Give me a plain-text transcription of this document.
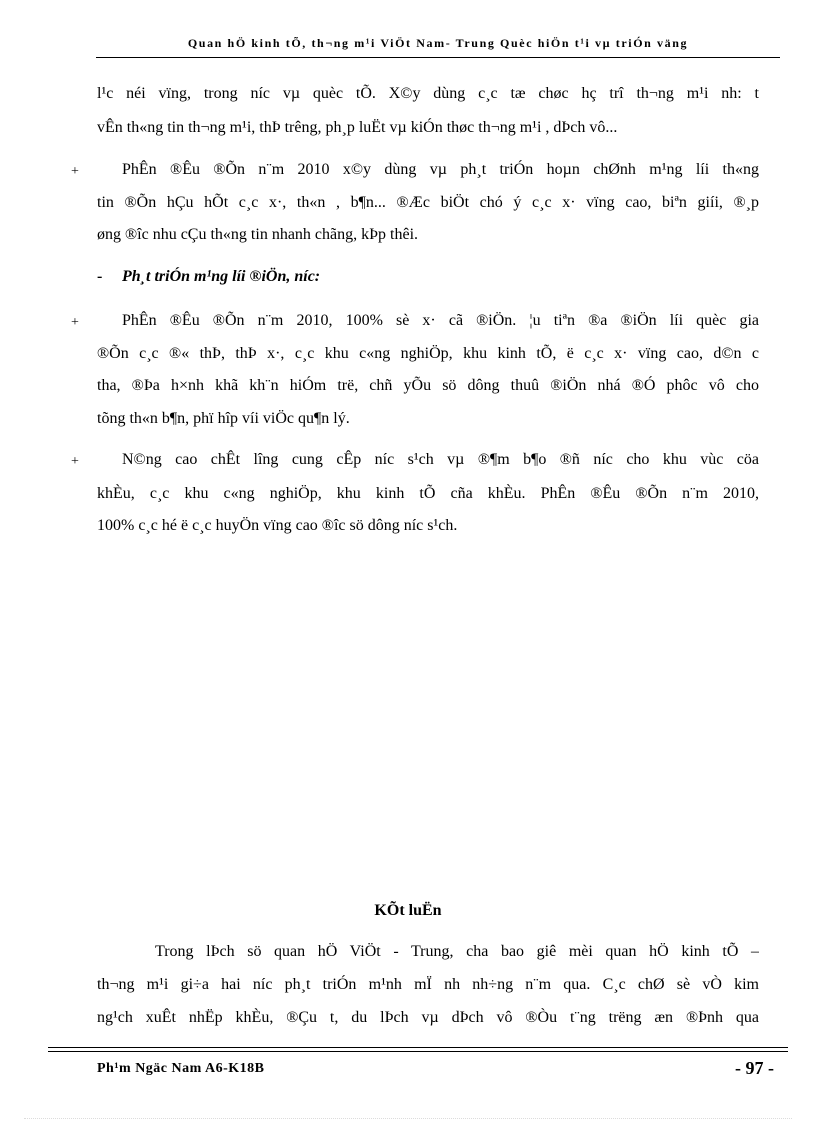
Quan hÖ kinh tÕ, th¬ng m¹i ViÖt Nam- Trung Quèc hiÖn t¹i vµ triÓn väng
l¹c néi vïng, trong níc vµ quèc tÕ. X©y dùng c¸c tæ chøc hç trî th¬ng m¹i nh: t
vÊn th«ng tin th¬ng m¹i, thÞ trêng, ph¸p luËt vµ kiÓn thøc th¬ng m¹i , dÞch vô...
+	PhÊn ®Êu ®Õn n¨m 2010 x©y dùng vµ ph¸t triÓn hoµn chØnh m¹ng líi th«ng
tin ®Õn hÇu hÕt c¸c x·, th«n , b¶n... ®Æc biÖt chó ý c¸c x· vïng cao, biªn giíi, ®¸p
øng ®îc nhu cÇu th«ng tin nhanh chãng, kÞp thêi.
- Ph¸t triÓn m¹ng líi ®iÖn, níc:
+	PhÊn ®Êu ®Õn n¨m 2010, 100% sè x· cã ®iÖn. ¦u tiªn ®a ®iÖn líi quèc gia
®Õn c¸c ®« thÞ, thÞ x·, c¸c khu c«ng nghiÖp, khu kinh tÕ, ë c¸c x· vïng cao, d©n c
tha, ®Þa h×nh khã kh¨n hiÓm trë, chñ yÕu sö dông thuû ®iÖn nhá ®Ó phôc vô cho
tõng th«n b¶n, phï hîp víi viÖc qu¶n lý.
+	N©ng cao chÊt lîng cung cÊp níc s¹ch vµ ®¶m b¶o ®ñ níc cho khu vùc cöa
khÈu, c¸c khu c«ng nghiÖp, khu kinh tÕ cña khÈu. PhÊn ®Êu ®Õn n¨m 2010,
100% c¸c hé ë c¸c huyÖn vïng cao ®îc sö dông níc s¹ch.
KÕt luËn
Trong lÞch sö quan hÖ ViÖt - Trung, cha bao giê mèi quan hÖ kinh tÕ –
th¬ng m¹i gi÷a hai níc ph¸t triÓn m¹nh mÏ nh nh÷ng n¨m qua. C¸c chØ sè vÒ kim
ng¹ch xuÊt nhËp khÈu, ®Çu t, du lÞch vµ dÞch vô ®Òu t¨ng trëng æn ®Þnh qua
Ph¹m Ngäc Nam A6-K18B	- 97 -
